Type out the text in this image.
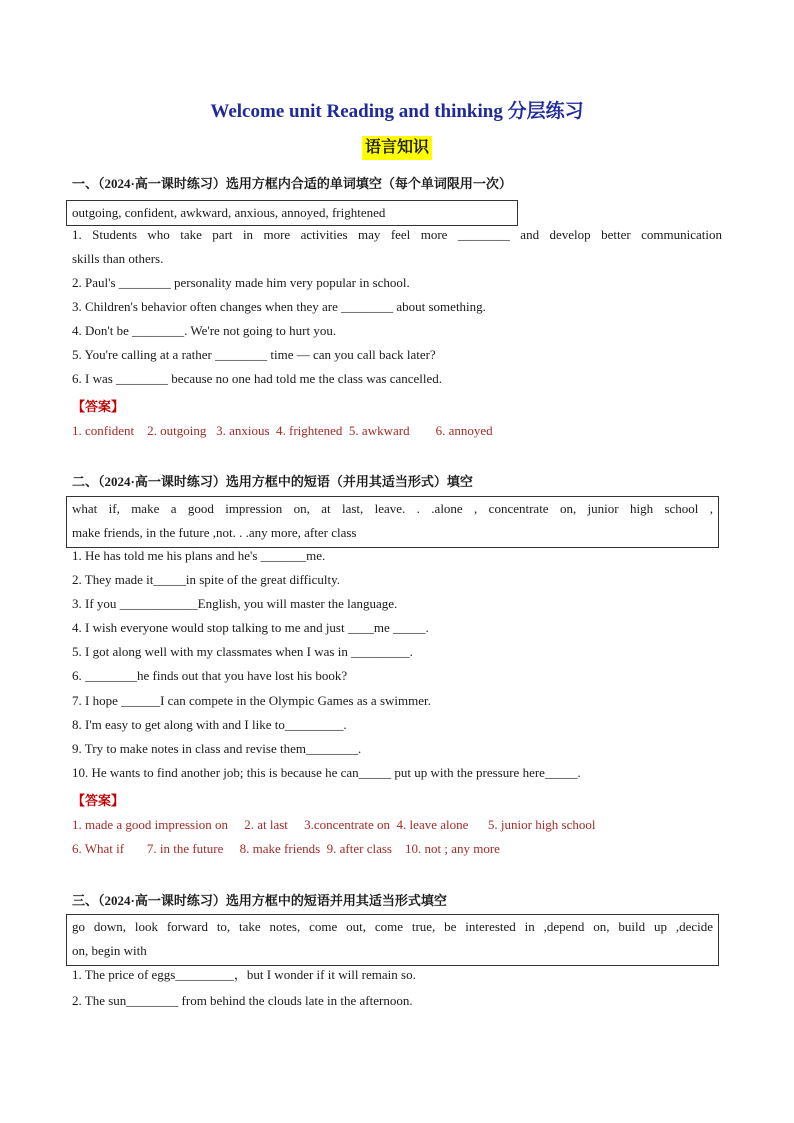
Welcome unit Reading and thinking 分层练习
语言知识
一、（2024·高一课时练习）选用方框内合适的单词填空（每个单词限用一次）
outgoing, confident, awkward, anxious, annoyed, frightened
1. Students who take part in more activities may feel more ________ and develop better communication
skills than others.
2. Paul's ________ personality made him very popular in school.
3. Children's behavior often changes when they are ________ about something.
4. Don't be ________. We're not going to hurt you.
5. You're calling at a rather ________ time — can you call back later?
6. I was ________ because no one had told me the class was cancelled.
【答案】
1. confident    2. outgoing   3. anxious  4. frightened  5. awkward        6. annoyed
二、（2024·高一课时练习）选用方框中的短语（并用其适当形式）填空
what if, make a good impression on, at last, leave. . .alone , concentrate on, junior high school ,
make friends, in the future ,not. . .any more, after class
1. He has told me his plans and he's _______me.
2. They made it_____in spite of the great difficulty.
3. If you ____________English, you will master the language.
4. I wish everyone would stop talking to me and just ____me _____.
5. I got along well with my classmates when I was in _________.
6. ________he finds out that you have lost his book?
7. I hope ______I can compete in the Olympic Games as a swimmer.
8. I'm easy to get along with and I like to_________.
9. Try to make notes in class and revise them________.
10. He wants to find another job; this is because he can_____ put up with the pressure here_____.
【答案】
1. made a good impression on     2. at last     3.concentrate on  4. leave alone      5. junior high school
6. What if       7. in the future     8. make friends  9. after class    10. not ; any more
三、（2024·高一课时练习）选用方框中的短语并用其适当形式填空
go down, look forward to, take notes, come out, come true, be interested in ,depend on, build up ,decide
on, begin with
1. The price of eggs_________，but I wonder if it will remain so.
2. The sun________ from behind the clouds late in the afternoon.
